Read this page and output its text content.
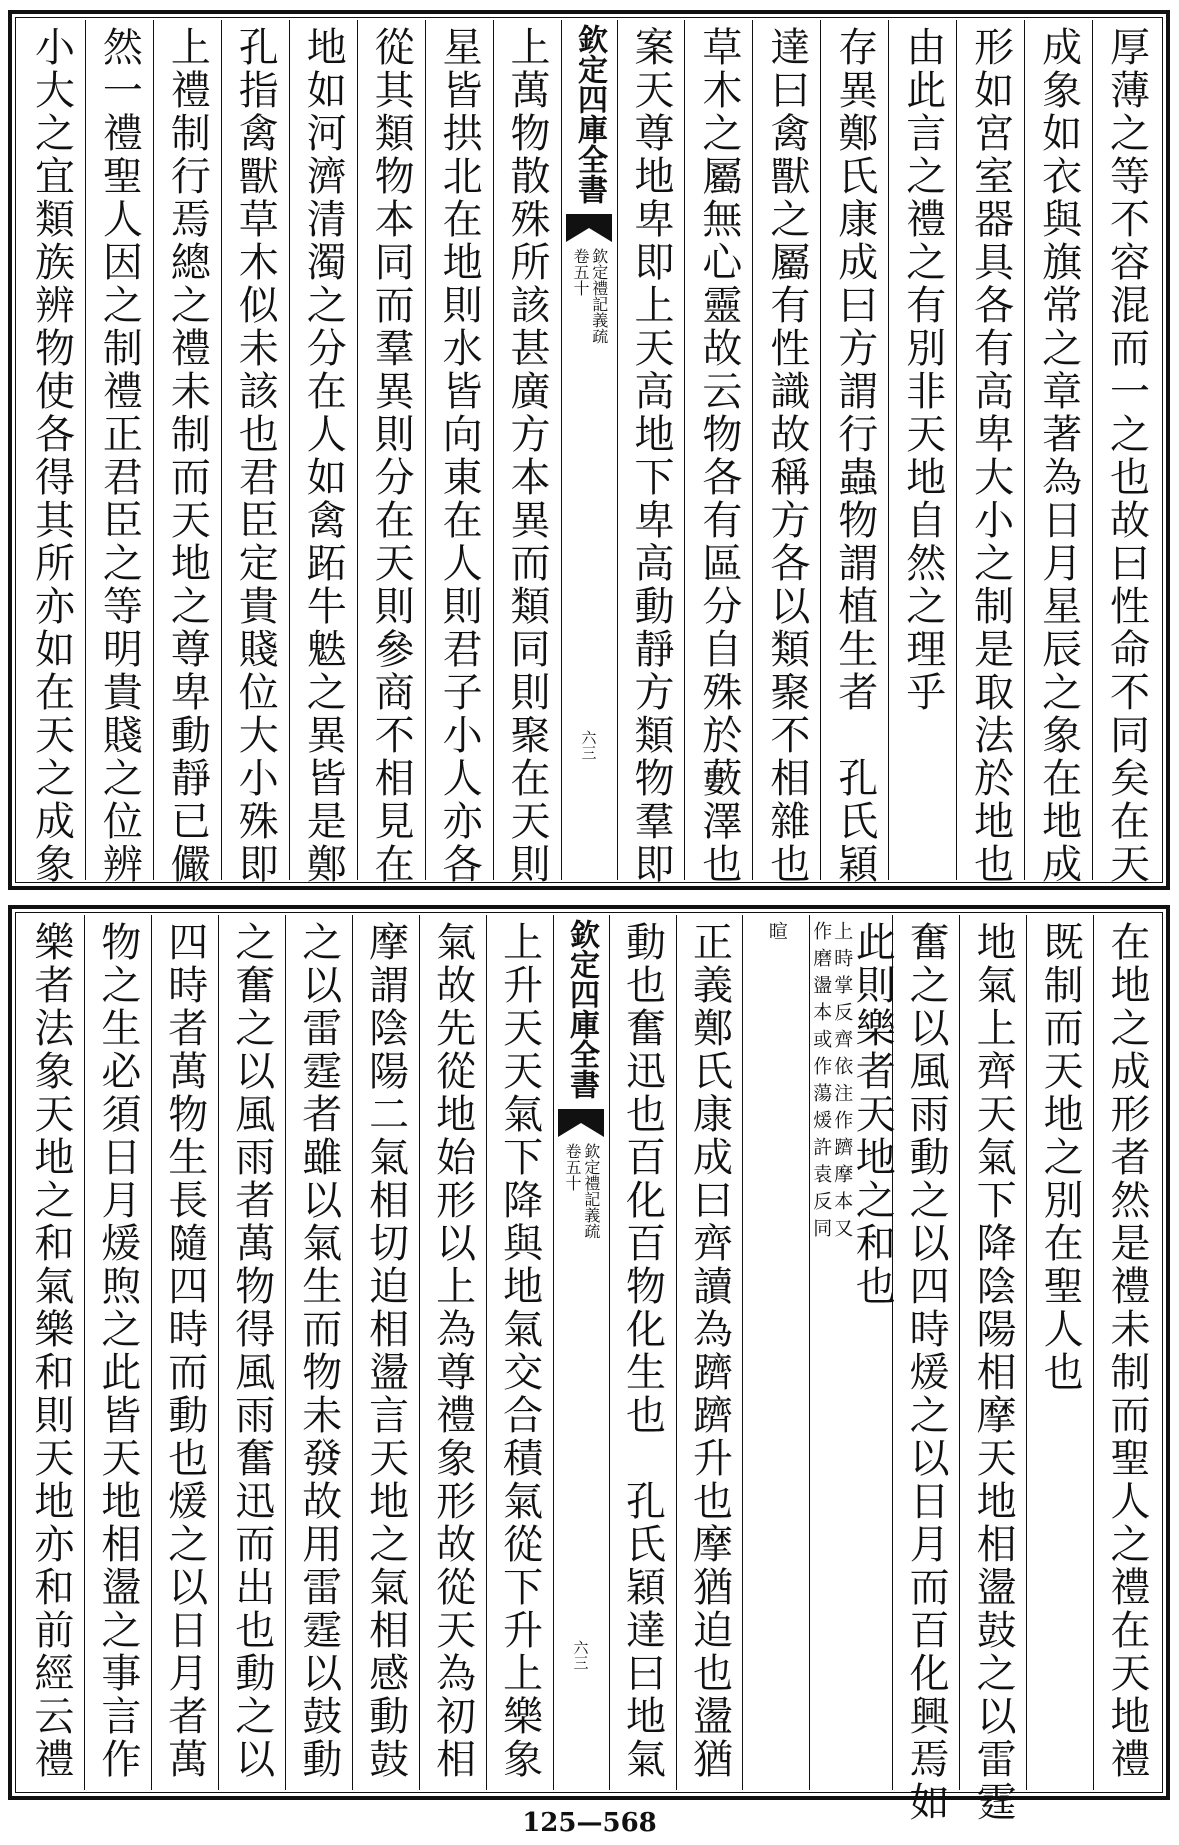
厚薄之等不容混而一之也故曰性命不同矣在天
成象如衣與旗常之章著為日月星辰之象在地成
形如宮室器具各有高卑大小之制是取法於地也
由此言之禮之有別非天地自然之理乎
存異鄭氏康成曰方謂行蟲物謂植生者　孔氏穎
達曰禽獸之屬有性識故稱方各以類聚不相雜也
草木之屬無心靈故云物各有區分自殊於藪澤也
案天尊地卑即上天高地下卑高動靜方類物羣即
欽定四庫全書
欽定禮記義疏
卷五十
六三
上萬物散殊所該甚廣方本異而類同則聚在天則
星皆拱北在地則水皆向東在人則君子小人亦各
從其類物本同而羣異則分在天則參商不相見在
地如河濟清濁之分在人如禽跖牛䰡之異皆是鄭
孔指禽獸草木似未該也君臣定貴賤位大小殊即
上禮制行焉總之禮未制而天地之尊卑動靜已儼
然一禮聖人因之制禮正君臣之等明貴賤之位辨
小大之宜類族辨物使各得其所亦如在天之成象
在地之成形者然是禮未制而聖人之禮在天地禮
既制而天地之別在聖人也
地氣上齊天氣下降陰陽相摩天地相盪鼓之以雷霆
奮之以風雨動之以四時煖之以日月而百化興焉如
此則樂者天地之和也
上時掌反齊依注作躋摩本又
作磨盪本或作蕩煖許袁反同
暄
正義鄭氏康成曰齊讀為躋躋升也摩猶迫也盪猶
動也奮迅也百化百物化生也　孔氏穎達曰地氣
欽定四庫全書
欽定禮記義疏
卷五十
六三
上升天天氣下降與地氣交合積氣從下升上樂象
氣故先從地始形以上為尊禮象形故從天為初相
摩謂陰陽二氣相切迫相盪言天地之氣相感動鼓
之以雷霆者雖以氣生而物未發故用雷霆以鼓動
之奮之以風雨者萬物得風雨奮迅而出也動之以
四時者萬物生長隨四時而動也煖之以日月者萬
物之生必須日月煖煦之此皆天地相盪之事言作
樂者法象天地之和氣樂和則天地亦和前經云禮
125—568
